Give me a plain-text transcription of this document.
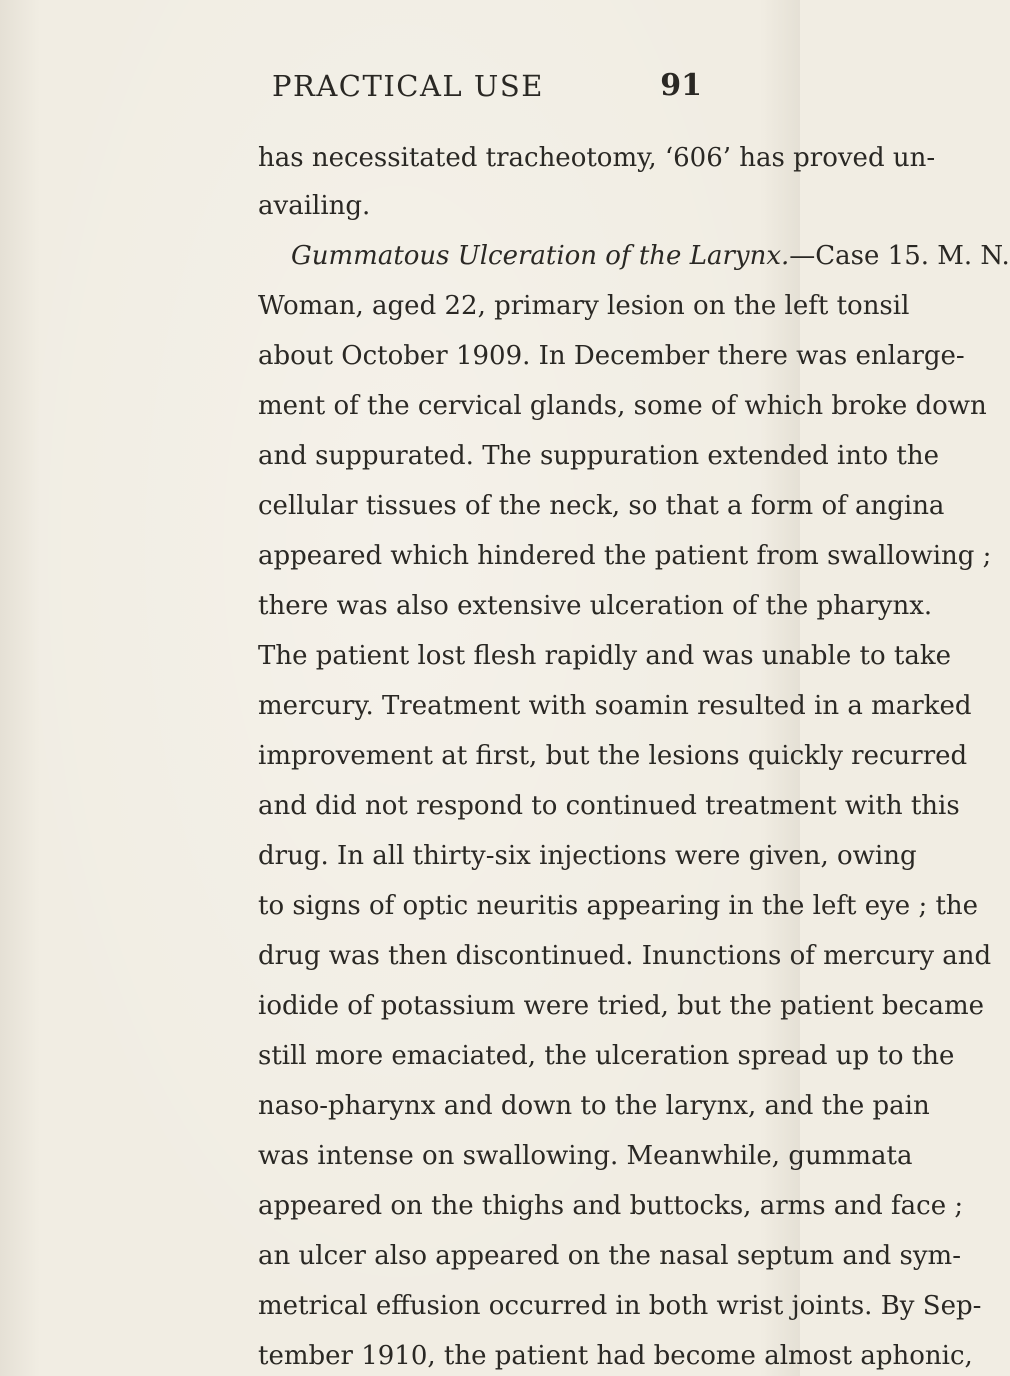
PRACTICAL USE	91
has necessitated tracheotomy, ‘606’ has proved un-
availing.
Gummatous Ulceration of the Larynx.—Case 15. M. N.
Woman, aged 22, primary lesion on the left tonsil
about October 1909. In December there was enlarge-
ment of the cervical glands, some of which broke down
and suppurated. The suppuration extended into the
cellular tissues of the neck, so that a form of angina
appeared which hindered the patient from swallowing ;
there was also extensive ulceration of the pharynx.
The patient lost flesh rapidly and was unable to take
mercury. Treatment with soamin resulted in a marked
improvement at first, but the lesions quickly recurred
and did not respond to continued treatment with this
drug. In all thirty-six injections were given, owing
to signs of optic neuritis appearing in the left eye ; the
drug was then discontinued. Inunctions of mercury and
iodide of potassium were tried, but the patient became
still more emaciated, the ulceration spread up to the
naso-pharynx and down to the larynx, and the pain
was intense on swallowing. Meanwhile, gummata
appeared on the thighs and buttocks, arms and face ;
an ulcer also appeared on the nasal septum and sym-
metrical effusion occurred in both wrist joints. By Sep-
tember 1910, the patient had become almost aphonic,
